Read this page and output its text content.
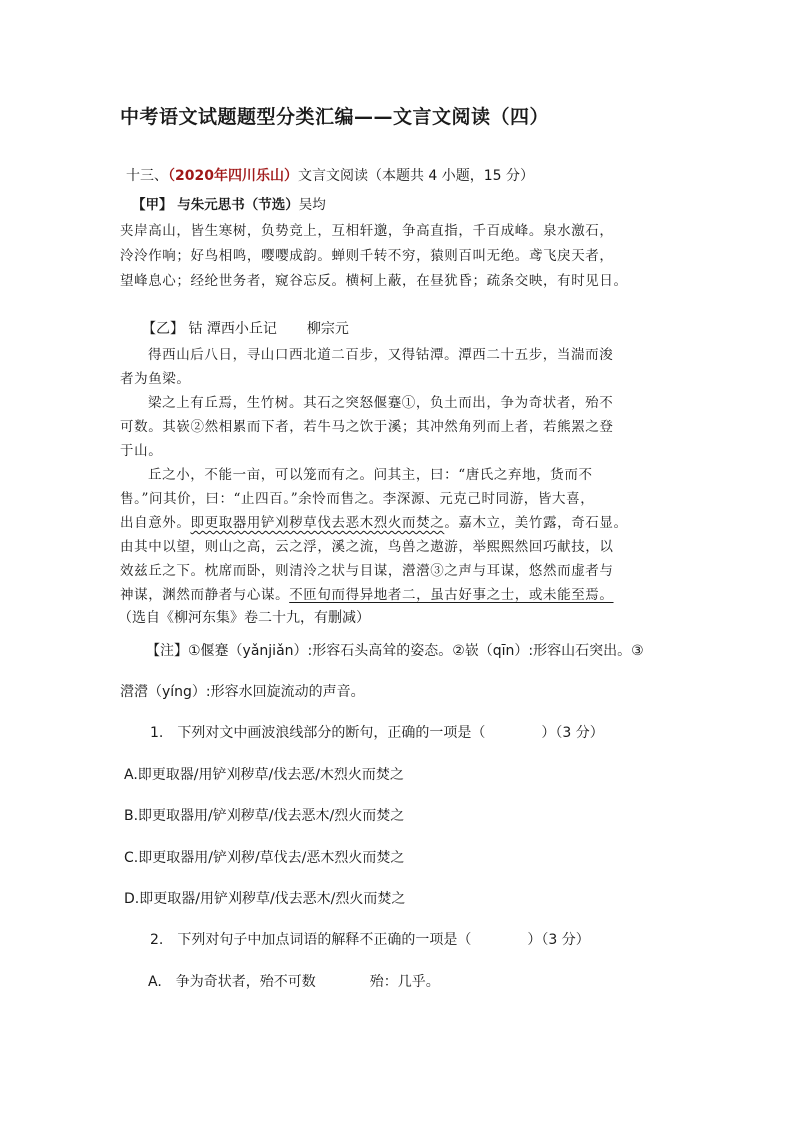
中考语文试题题型分类汇编——文言文阅读（四）
十三、（2020年四川乐山）文言文阅读（本题共 4 小题，15 分）
【甲】 与朱元思书（节选）吴均
夹岸高山，皆生寒树，负势竞上，互相轩邈，争高直指，千百成峰。泉水激石，
泠泠作响；好鸟相鸣，嘤嘤成韵。蝉则千转不穷，猿则百叫无绝。鸢飞戾天者，
望峰息心；经纶世务者，窥谷忘反。横柯上蔽，在昼犹昏；疏条交映，有时见日。
【乙】 钴 潭西小丘记 柳宗元
得西山后八日，寻山口西北道二百步，又得钴潭。潭西二十五步，当湍而浚
者为鱼梁。
梁之上有丘焉，生竹树。其石之突怒偃蹇①，负土而出，争为奇状者，殆不
可数。其嵚②然相累而下者，若牛马之饮于溪；其冲然角列而上者，若熊罴之登
于山。
丘之小，不能一亩，可以笼而有之。问其主，曰：“唐氏之弃地，货而不
售。”问其价，曰：“止四百。”余怜而售之。李深源、元克己时同游，皆大喜，
出自意外。即更取器用铲刈秽草伐去恶木烈火而焚之。嘉木立，美竹露，奇石显。
由其中以望，则山之高，云之浮，溪之流，鸟兽之遨游，举熙熙然回巧献技，以
效兹丘之下。枕席而卧，则清泠之状与目谋，瀯瀯③之声与耳谋，悠然而虚者与
神谋，渊然而静者与心谋。不匝旬而得异地者二，虽古好事之士，或未能至焉。
（选自《柳河东集》卷二十九，有删减）
【注】①偃蹇（yǎnjiǎn）:形容石头高耸的姿态。②嵚（qīn）:形容山石突出。③
瀯瀯（yíng）:形容水回旋流动的声音。
1.　下列对文中画波浪线部分的断句，正确的一项是（　　　　）（3 分）
A.即更取器/用铲刈秽草/伐去恶/木烈火而焚之
B.即更取器用/铲刈秽草/伐去恶木/烈火而焚之
C.即更取器用/铲刈秽/草伐去/恶木烈火而焚之
D.即更取器/用铲刈秽草/伐去恶木/烈火而焚之
2.　下列对句子中加点词语的解释不正确的一项是（　　　　）（3 分）
A.　争为奇状者，殆不可数	殆：几乎。
